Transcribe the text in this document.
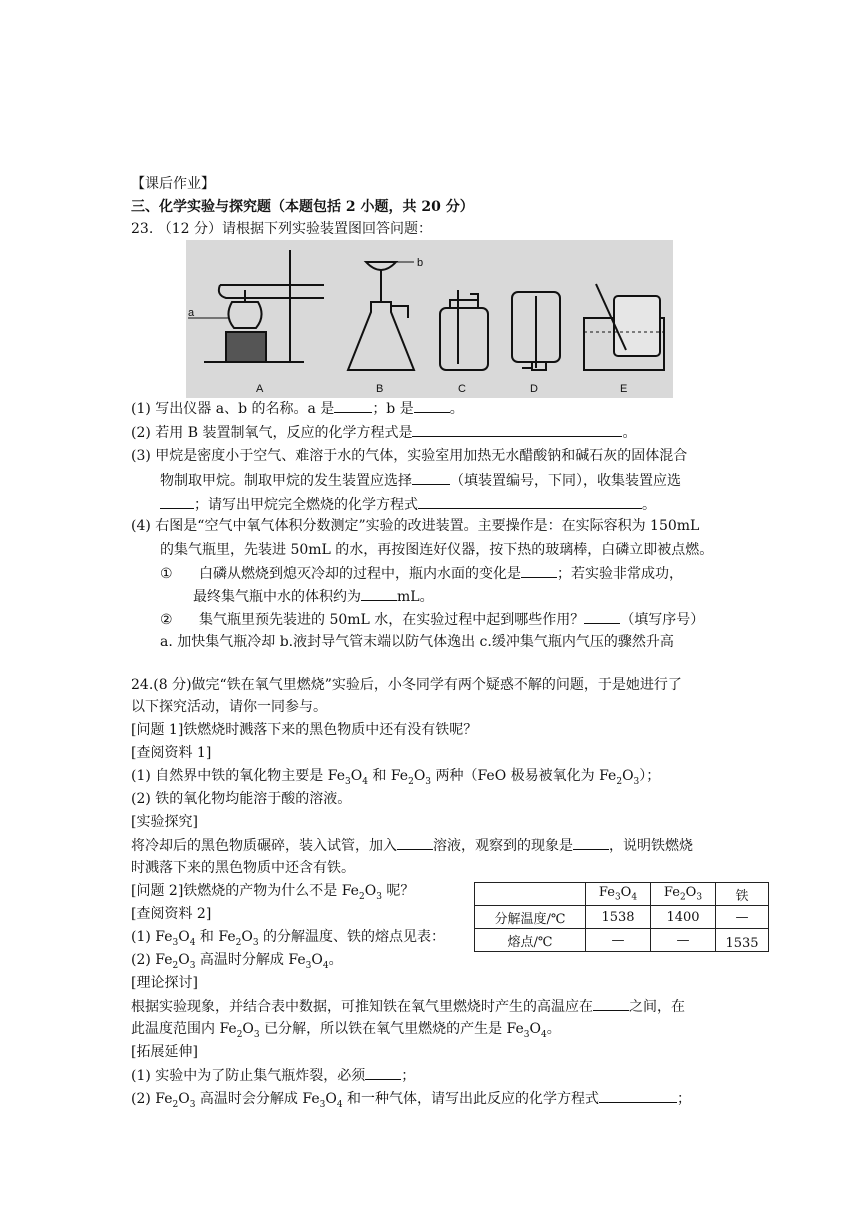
【课后作业】
三、化学实验与探究题（本题包括 2 小题，共 20 分）
23. （12 分）请根据下列实验装置图回答问题：
a
b
A	B	C	D	E
(1) 写出仪器 a、b 的名称。a 是	；b 是	。
(2) 若用 B 装置制氧气，反应的化学方程式是	。
(3) 甲烷是密度小于空气、难溶于水的气体，实验室用加热无水醋酸钠和碱石灰的固体混合
物制取甲烷。制取甲烷的发生装置应选择	（填装置编号，下同），收集装置应选
；请写出甲烷完全燃烧的化学方程式	。
(4) 右图是“空气中氧气体积分数测定”实验的改进装置。主要操作是：在实际容积为 150mL
的集气瓶里，先装进 50mL 的水，再按图连好仪器，按下热的玻璃棒，白磷立即被点燃。
① 白磷从燃烧到熄灭冷却的过程中，瓶内水面的变化是	；若实验非常成功，
最终集气瓶中水的体积约为	mL。
② 集气瓶里预先装进的 50mL 水，在实验过程中起到哪些作用？	（填写序号）
a. 加快集气瓶冷却 b.液封导气管末端以防气体逸出 c.缓冲集气瓶内气压的骤然升高
24.(8 分)做完“铁在氧气里燃烧”实验后，小冬同学有两个疑惑不解的问题，于是她进行了
以下探究活动，请你一同参与。
[问题 1]铁燃烧时溅落下来的黑色物质中还有没有铁呢？
[查阅资料 1]
(1) 自然界中铁的氧化物主要是 $Fe_3O_4$ 和 $Fe_2O_3$ 两种（FeO 极易被氧化为 $Fe_2O_3$）；
(2) 铁的氧化物均能溶于酸的溶液。
[实验探究]
将冷却后的黑色物质碾碎，装入试管，加入	溶液，观察到的现象是	，说明铁燃烧
时溅落下来的黑色物质中还含有铁。
[问题 2]铁燃烧的产物为什么不是 $Fe_2O_3$ 呢？
[查阅资料 2]
(1) $Fe_3O_4$ 和 $Fe_2O_3$ 的分解温度、铁的熔点见表：
(2) $Fe_2O_3$ 高温时分解成 $Fe_3O_4$。
	$Fe_3O_4$	$Fe_2O_3$	铁
分解温度/℃	1538	1400	—
熔点/℃	—	—	1535
[理论探讨]
根据实验现象，并结合表中数据，可推知铁在氧气里燃烧时产生的高温应在	之间，在
此温度范围内 $Fe_2O_3$ 已分解，所以铁在氧气里燃烧的产生是 $Fe_3O_4$。
[拓展延伸]
(1) 实验中为了防止集气瓶炸裂，必须	；
(2) $Fe_2O_3$ 高温时会分解成 $Fe_3O_4$ 和一种气体，请写出此反应的化学方程式	；
